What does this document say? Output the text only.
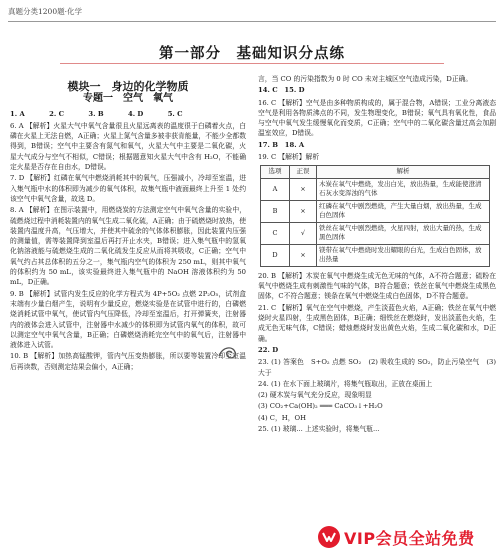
真题分类1200题·化学
第一部分　基础知识分点练
模块一　身边的化学物质
专题一　空气　氧气
1. A	2. C	3. B	4. D	5. C

6. A 【解析】火星大气中氧气含量很且火星远离表的温度很于白磷着火点，白磷在火星上无法自燃，A正确；火星上氮气含量多被非获肯能量，不能少全都数得到，B错误；空气中主要含有氮气和氧气，火星大气中主要是二氧化碳，火星大气成分与空气不相似，C错误；根据题意知火星大气中含有 H₂O，不能确定火星是否存在自由水，D错误。

7. D 【解析】红磷在氧气中燃烧消耗其中的氧气，压强减小，冷却至室温，进入集气瓶中水的体积即为减少的氧气体积，故集气瓶中液面最终上升至 1 处约该空气中氧气含量，故选 D。

8. A 【解析】在图示装置中，用燃烧炭的方法测定空气中氧气含量的实验中，硫燃烧过程中消耗装置内的氧气生成二氧化硫，A正确；由于硫燃烧时放热，使装置内温度升高，气压增大，并使其中硫余的气体体积膨胀，因此装置内压强的测量值，需等装置降到室温后再打开止水夹，B错误；进入集气瓶中的氢氧化钠溶液能与硫燃烧生成的二氧化硫发生反应从而将其吸收，C正确；空气中氧气约占其总体积的五分之一，集气瓶内空气的体积为 250 mL，则其中氧气的体积约为 50 mL，该实验最终进入集气瓶中的 NaOH 溶液体积约为 50 mL，D正确。

9. B 【解析】试管内发生反应的化学方程式为 4P+5O₂ 点燃 2P₂O₅，试剂盒末端有少量白烟产生，说明有少量反应，燃烧实验是在试管中进行的，白磷燃烧消耗试管中氧气，使试管内气压降低，冷却至室温后，打开弹簧夹，注射器内的液体会进入试管中，注射器中水减少的体积即为试管内氧气的体积，故可以测定空气中氧气含量，B正确；白磷燃烧消耗完空气中的氧气后，注射器中液体进入试管。

10. B 【解析】加热高锰酸钾，管内气压变热膨胀，所以要等装置冷却至室温后再读数，否则测定结果会偏小，A正确；

言，当 CO 的污染指数为 0 时 CO 未对主城区空气造成污染，D正确。

14. C　15. D

16. C 【解析】空气是由多种物质构成的，属于混合物，A错误；工业分离液态空气是利用各物质沸点的不同，发生物理变化，B错误；氧气具有氧化性，食品与空气中氧气发生缓慢氧化而变质，C正确；空气中的二氧化碳含量过高会加剧温室效应，D错误。

17. B　18. A

19. C 【解析】解析

选项	正误	解析
A	×	木炭在氧气中燃烧，发出白光，放出热量，生成能使澄清石灰水变浑浊的气体
B	×	红磷在氧气中剧烈燃烧，产生大量白烟，放出热量，生成白色固体
C	√	铁丝在氧气中剧烈燃烧，火星四射，放出大量的热，生成黑色固体
D	×	镁带在氧气中燃烧时发出耀眼的白光，生成白色固体，放出热量

20. B 【解析】木炭在氧气中燃烧生成无色无味的气体，A不符合题意；硫粉在氧气中燃烧生成有刺激性气味的气体，B符合题意；铁丝在氧气中燃烧生成黑色固体，C不符合题意；镁条在氧气中燃烧生成白色固体，D不符合题意。

21. C 【解析】氧气在空气中燃烧，产生淡蓝色火焰，A正确；铁丝在氧气中燃烧时火星四射，生成黑色固体，B正确；细铁丝在燃烧时，发出淡蓝色火焰，生成无色无味气体，C错误；蜡烛燃烧时发出黄色火焰，生成二氧化碳和水，D正确。

22. D

23. (1) 答案色　S+O₂ 点燃 SO₂　(2) 吸收生成的 SO₂，防止污染空气　(3) 大于

24. (1) 在水下面上玻璃片，将集气瓶取出，正放在桌面上

(2) 硬木炭与氧气充分反应，现象明显

(3) CO₂+Ca(OH)₂ ═══ CaCO₃↓+H₂O

(4) C，H，OH

25. (1) 玻璃... 上述实验时，将集气瓶...

VIP会员全站免费
